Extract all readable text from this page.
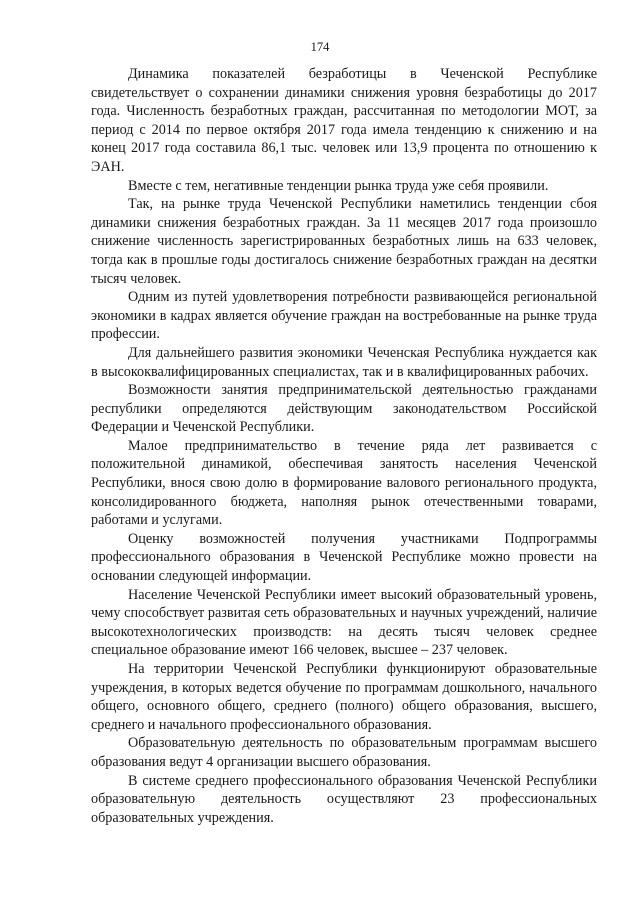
174

Динамика показателей безработицы в Чеченской Республике свидетельствует о сохранении динамики снижения уровня безработицы до 2017 года. Численность безработных граждан, рассчитанная по методологии МОТ, за период с 2014 по первое октября 2017 года имела тенденцию к снижению и на конец 2017 года составила 86,1 тыс. человек или 13,9 процента по отношению к ЭАН.

Вместе с тем, негативные тенденции рынка труда уже себя проявили.

Так, на рынке труда Чеченской Республики наметились тенденции сбоя динамики снижения безработных граждан. За 11 месяцев 2017 года произошло снижение численность зарегистрированных безработных лишь на 633 человек, тогда как в прошлые годы достигалось снижение безработных граждан на десятки тысяч человек.

Одним из путей удовлетворения потребности развивающейся региональной экономики в кадрах является обучение граждан на востребованные на рынке труда профессии.

Для дальнейшего развития экономики Чеченская Республика нуждается как в высококвалифицированных специалистах, так и в квалифицированных рабочих.

Возможности занятия предпринимательской деятельностью гражданами республики определяются действующим законодательством Российской Федерации и Чеченской Республики.

Малое предпринимательство в течение ряда лет развивается с положительной динамикой, обеспечивая занятость населения Чеченской Республики, внося свою долю в формирование валового регионального продукта, консолидированного бюджета, наполняя рынок отечественными товарами, работами и услугами.

Оценку возможностей получения участниками Подпрограммы профессионального образования в Чеченской Республике можно провести на основании следующей информации.

Население Чеченской Республики имеет высокий образовательный уровень, чему способствует развитая сеть образовательных и научных учреждений, наличие высокотехнологических производств: на десять тысяч человек среднее специальное образование имеют 166 человек, высшее – 237 человек.

На территории Чеченской Республики функционируют образовательные учреждения, в которых ведется обучение по программам дошкольного, начального общего, основного общего, среднего (полного) общего образования, высшего, среднего и начального профессионального образования.

Образовательную деятельность по образовательным программам высшего образования ведут 4 организации высшего образования.

В системе среднего профессионального образования Чеченской Республики образовательную деятельность осуществляют 23 профессиональных образовательных учреждения.
